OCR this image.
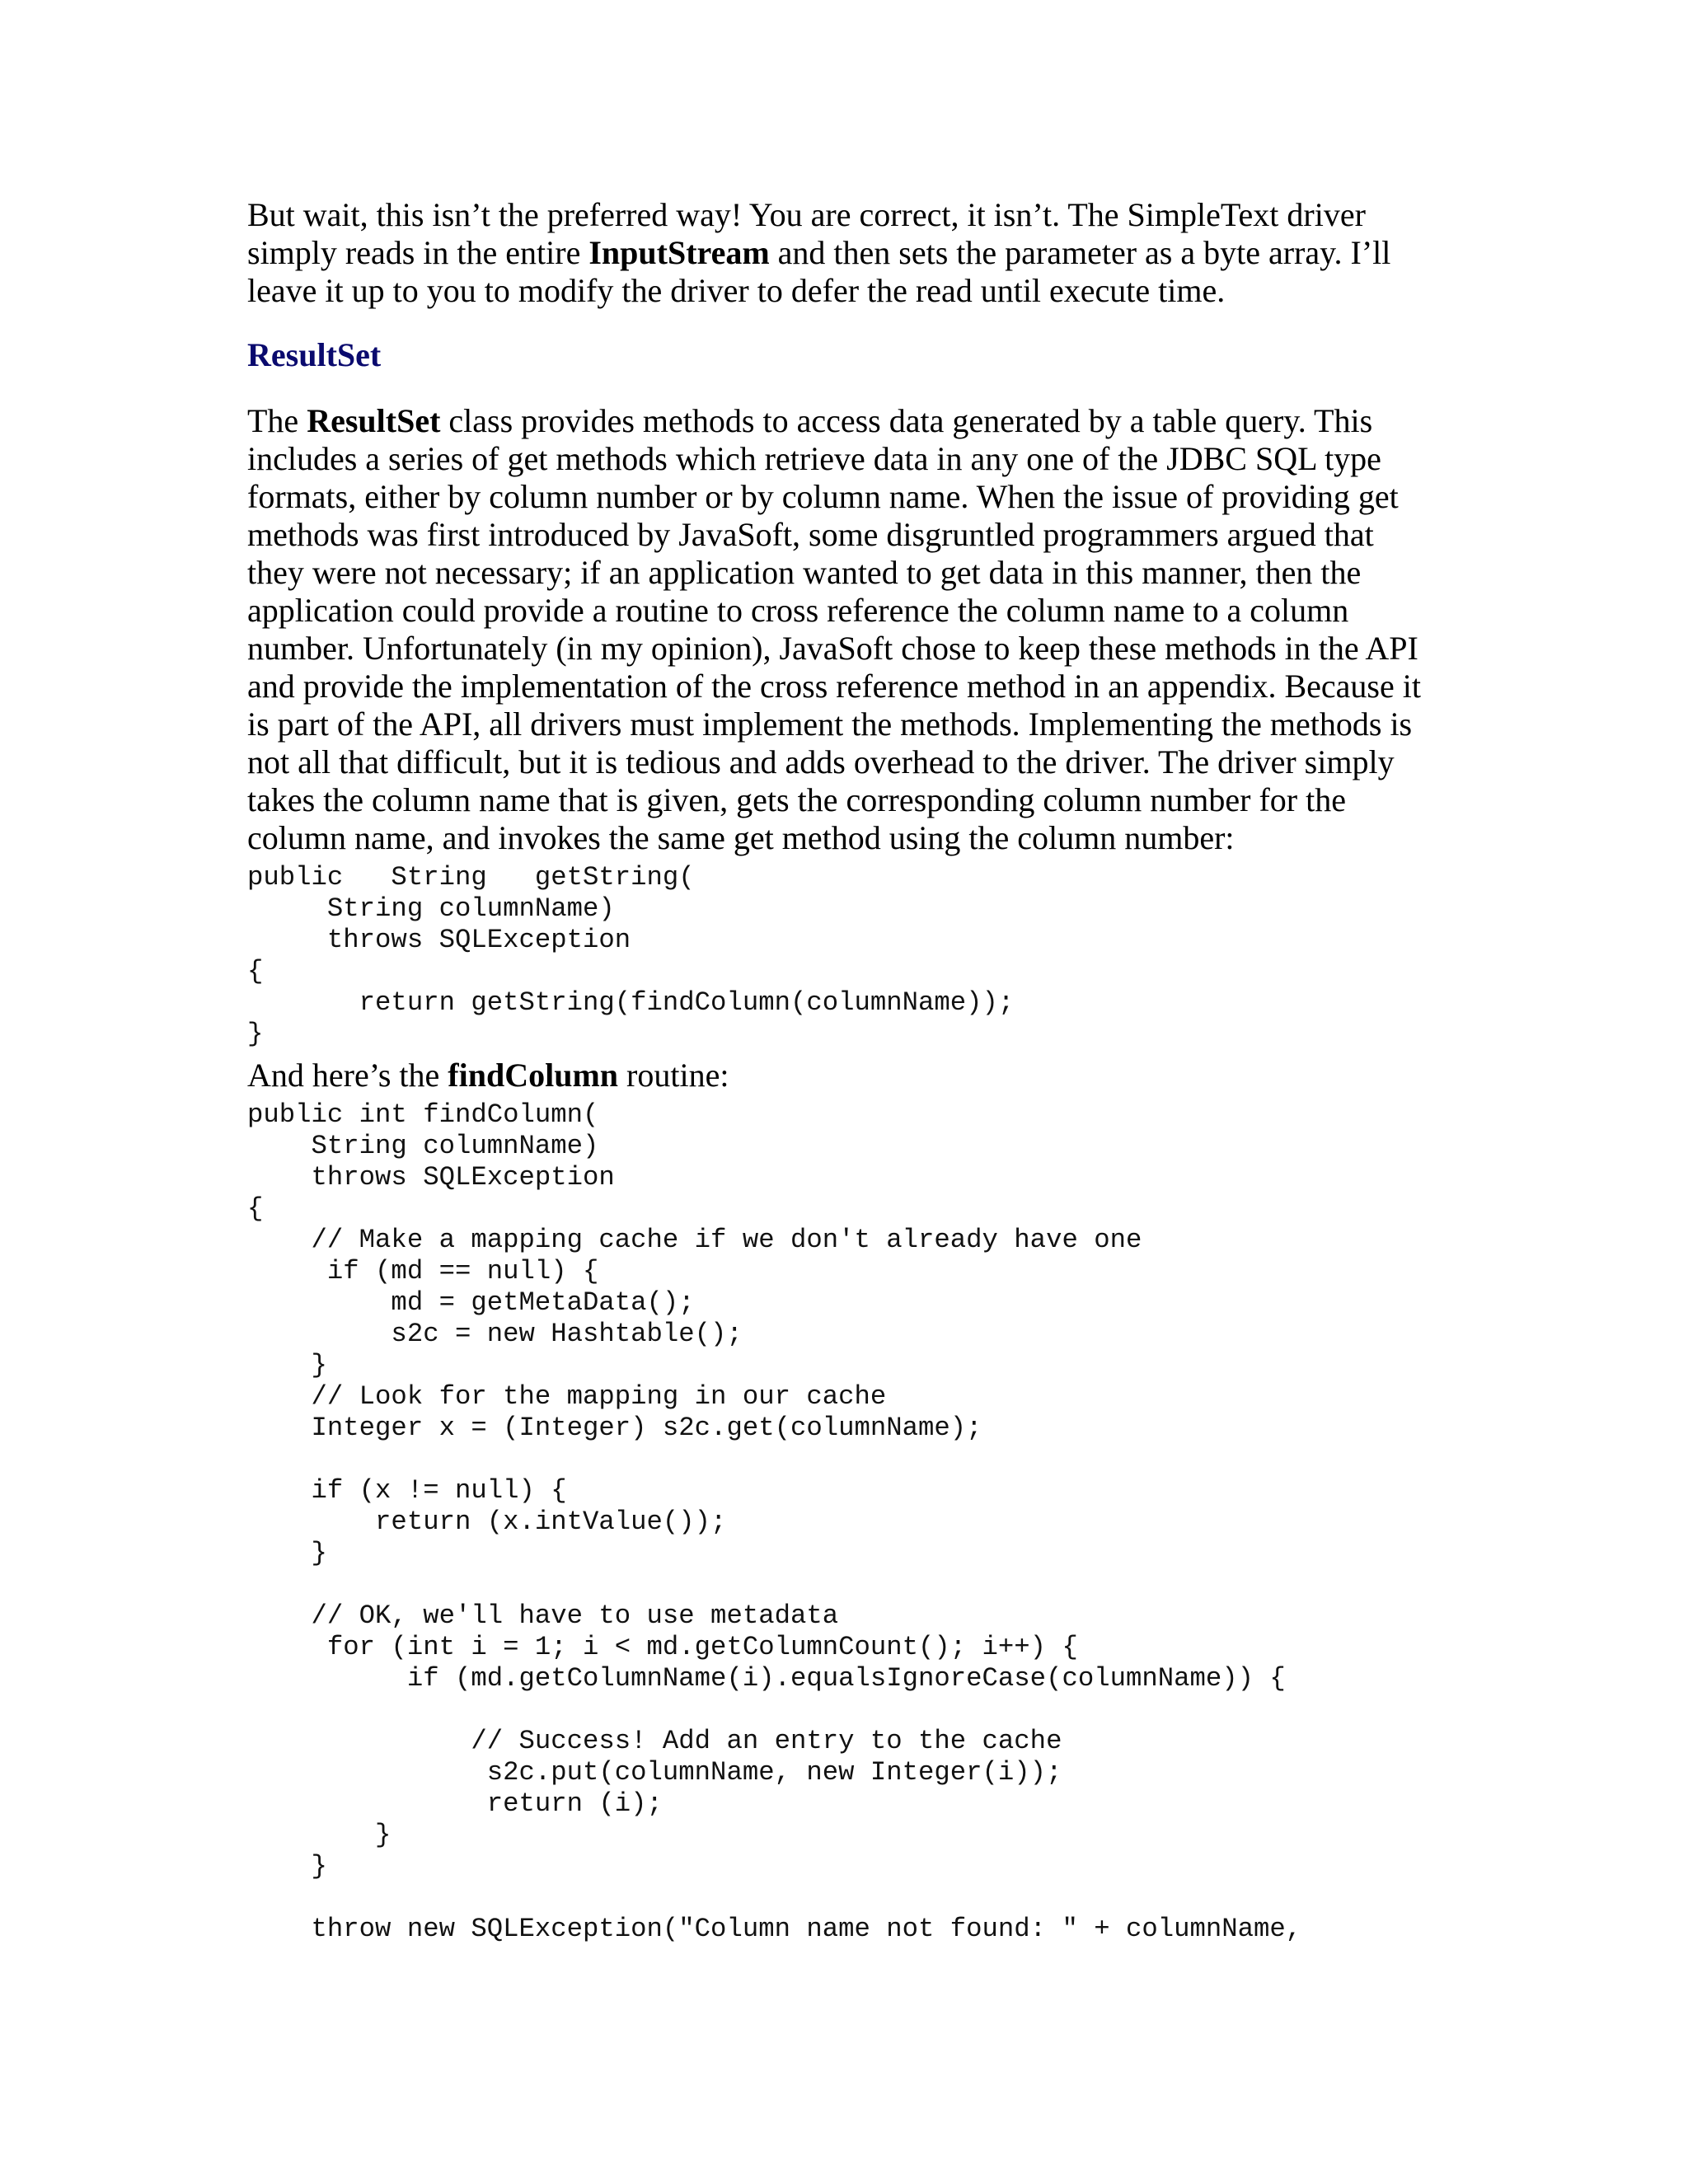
But wait, this isn’t the preferred way! You are correct, it isn’t. The SimpleText driver
simply reads in the entire InputStream and then sets the parameter as a byte array. I’ll
leave it up to you to modify the driver to defer the read until execute time.

ResultSet

The ResultSet class provides methods to access data generated by a table query. This
includes a series of get methods which retrieve data in any one of the JDBC SQL type
formats, either by column number or by column name. When the issue of providing get
methods was first introduced by JavaSoft, some disgruntled programmers argued that
they were not necessary; if an application wanted to get data in this manner, then the
application could provide a routine to cross reference the column name to a column
number. Unfortunately (in my opinion), JavaSoft chose to keep these methods in the API
and provide the implementation of the cross reference method in an appendix. Because it
is part of the API, all drivers must implement the methods. Implementing the methods is
not all that difficult, but it is tedious and adds overhead to the driver. The driver simply
takes the column name that is given, gets the corresponding column number for the
column name, and invokes the same get method using the column number:

public   String   getString(
String columnName)
throws SQLException
{
return getString(findColumn(columnName));
}

And here’s the findColumn routine:

public int findColumn(
String columnName)
throws SQLException
{
// Make a mapping cache if we don't already have one
if (md == null) {
md = getMetaData();
s2c = new Hashtable();
}
// Look for the mapping in our cache
Integer x = (Integer) s2c.get(columnName);

if (x != null) {
return (x.intValue());
}

// OK, we'll have to use metadata
for (int i = 1; i < md.getColumnCount(); i++) {
if (md.getColumnName(i).equalsIgnoreCase(columnName)) {

// Success! Add an entry to the cache
s2c.put(columnName, new Integer(i));
return (i);
}
}

throw new SQLException("Column name not found: " + columnName,
